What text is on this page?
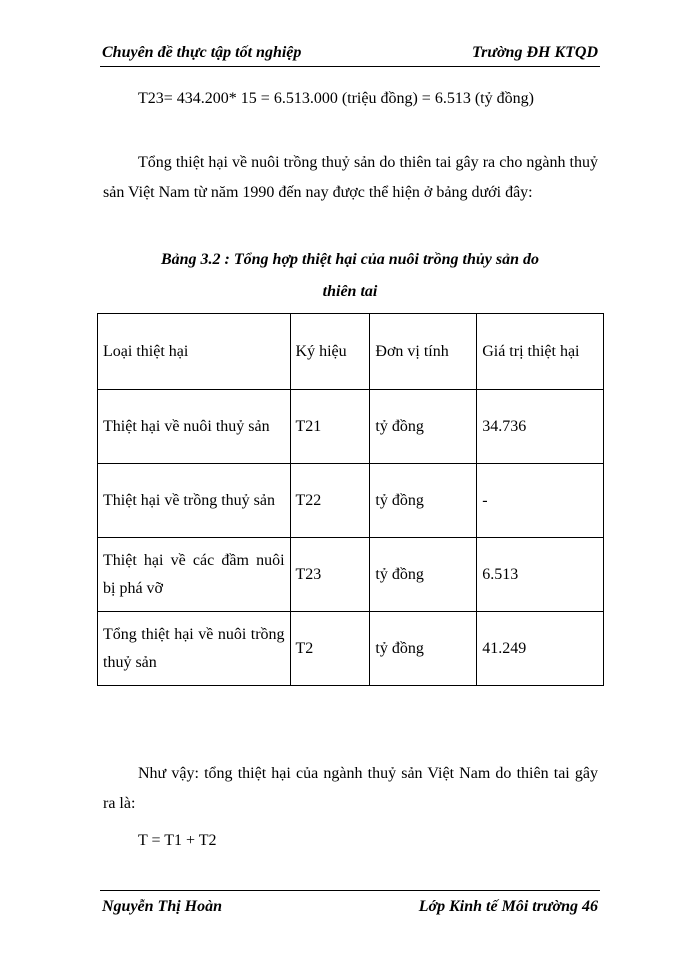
Chuyên đề thực tập tốt nghiệp	Trường ĐH KTQD
T23= 434.200* 15 = 6.513.000 (triệu đồng) = 6.513 (tỷ đồng)
Tổng thiệt hại về nuôi trồng thuỷ sản do thiên tai gây ra cho ngành thuỷ sản Việt Nam từ năm 1990 đến nay được thể hiện ở bảng dưới đây:
Bảng 3.2 : Tổng hợp thiệt hại của nuôi trồng thủy sản do
thiên tai
Loại thiệt hại	Ký hiệu	Đơn vị tính	Giá trị thiệt hại
Thiệt hại về nuôi thuỷ sản	T21	tỷ đồng	34.736
Thiệt hại về trồng thuỷ sản	T22	tỷ đồng	-
Thiệt hại về các đầm nuôi bị phá vỡ	T23	tỷ đồng	6.513
Tổng thiệt hại về nuôi trồng thuỷ sản	T2	tỷ đồng	41.249
Như vậy: tổng thiệt hại của ngành thuỷ sản Việt Nam do thiên tai gây ra là:
T = T1 + T2
Nguyễn Thị Hoàn	Lớp Kinh tế Môi trường 46
